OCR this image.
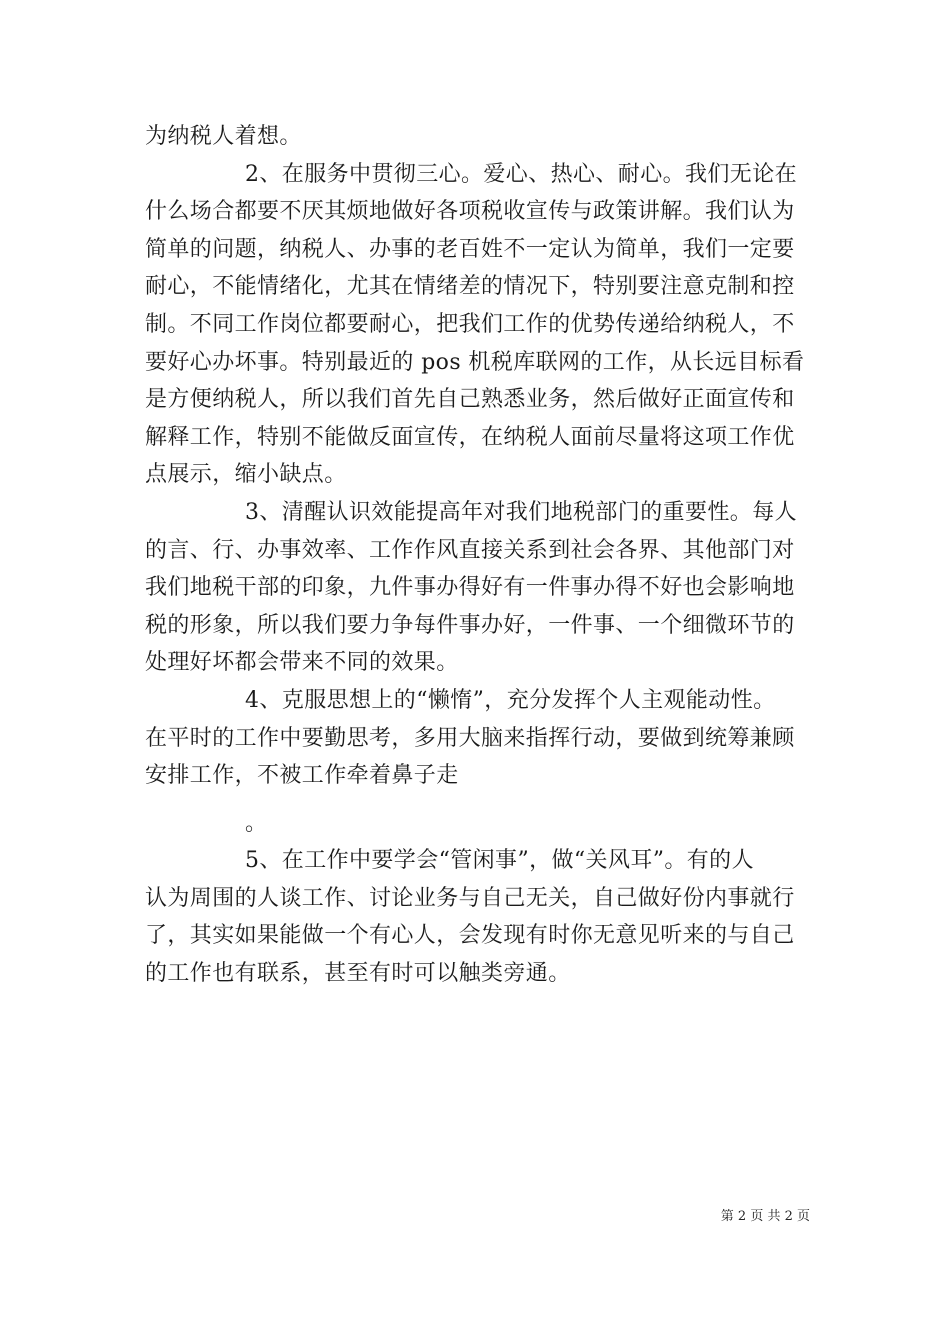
为纳税人着想。
2、在服务中贯彻三心。爱心、热心、耐心。我们无论在
什么场合都要不厌其烦地做好各项税收宣传与政策讲解。我们认为
简单的问题，纳税人、办事的老百姓不一定认为简单，我们一定要
耐心，不能情绪化，尤其在情绪差的情况下，特别要注意克制和控
制。不同工作岗位都要耐心，把我们工作的优势传递给纳税人，不
要好心办坏事。特别最近的 pos 机税库联网的工作，从长远目标看
是方便纳税人，所以我们首先自己熟悉业务，然后做好正面宣传和
解释工作，特别不能做反面宣传，在纳税人面前尽量将这项工作优
点展示，缩小缺点。
3、清醒认识效能提高年对我们地税部门的重要性。每人
的言、行、办事效率、工作作风直接关系到社会各界、其他部门对
我们地税干部的印象，九件事办得好有一件事办得不好也会影响地
税的形象，所以我们要力争每件事办好，一件事、一个细微环节的
处理好坏都会带来不同的效果。
4、克服思想上的“懒惰”，充分发挥个人主观能动性。
在平时的工作中要勤思考，多用大脑来指挥行动，要做到统筹兼顾
安排工作，不被工作牵着鼻子走
。
5、在工作中要学会“管闲事”，做“关风耳”。有的人
认为周围的人谈工作、讨论业务与自己无关，自己做好份内事就行
了，其实如果能做一个有心人，会发现有时你无意见听来的与自己
的工作也有联系，甚至有时可以触类旁通。
第 2 页 共 2 页
